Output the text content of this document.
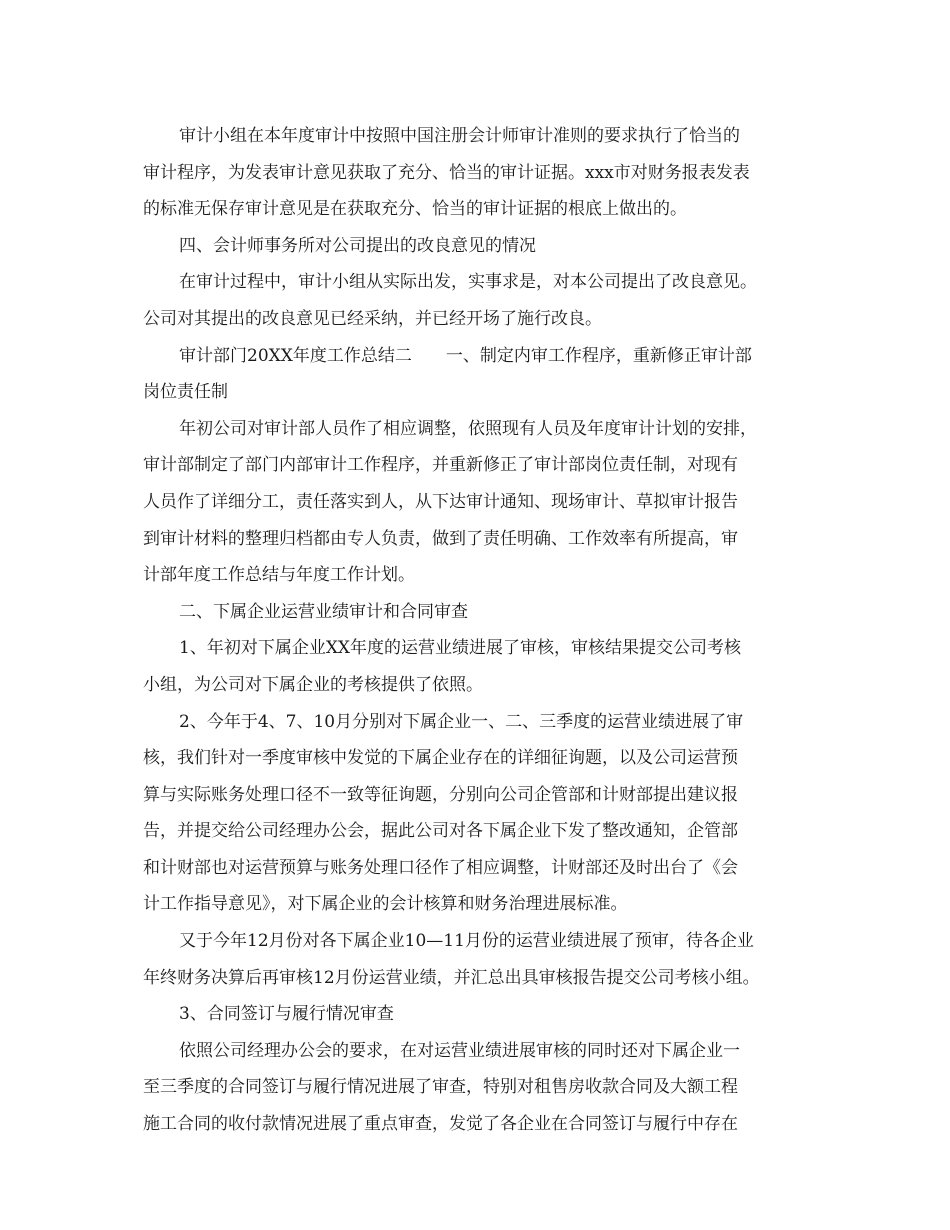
审计小组在本年度审计中按照中国注册会计师审计准则的要求执行了恰当的
审计程序，为发表审计意见获取了充分、恰当的审计证据。xxx市对财务报表发表
的标准无保存审计意见是在获取充分、恰当的审计证据的根底上做出的。
四、会计师事务所对公司提出的改良意见的情况
在审计过程中，审计小组从实际出发，实事求是，对本公司提出了改良意见。
公司对其提出的改良意见已经采纳，并已经开场了施行改良。
审计部门20XX年度工作总结二　　一、制定内审工作程序，重新修正审计部
岗位责任制
年初公司对审计部人员作了相应调整，依照现有人员及年度审计计划的安排，
审计部制定了部门内部审计工作程序，并重新修正了审计部岗位责任制，对现有
人员作了详细分工，责任落实到人，从下达审计通知、现场审计、草拟审计报告
到审计材料的整理归档都由专人负责，做到了责任明确、工作效率有所提高，审
计部年度工作总结与年度工作计划。
二、下属企业运营业绩审计和合同审查
1、年初对下属企业XX年度的运营业绩进展了审核，审核结果提交公司考核
小组，为公司对下属企业的考核提供了依照。
2、今年于4、7、10月分别对下属企业一、二、三季度的运营业绩进展了审
核，我们针对一季度审核中发觉的下属企业存在的详细征询题，以及公司运营预
算与实际账务处理口径不一致等征询题，分别向公司企管部和计财部提出建议报
告，并提交给公司经理办公会，据此公司对各下属企业下发了整改通知，企管部
和计财部也对运营预算与账务处理口径作了相应调整，计财部还及时出台了《会
计工作指导意见》，对下属企业的会计核算和财务治理进展标准。
又于今年12月份对各下属企业10—11月份的运营业绩进展了预审，待各企业
年终财务决算后再审核12月份运营业绩，并汇总出具审核报告提交公司考核小组。
3、合同签订与履行情况审查
依照公司经理办公会的要求，在对运营业绩进展审核的同时还对下属企业一
至三季度的合同签订与履行情况进展了审查，特别对租售房收款合同及大额工程
施工合同的收付款情况进展了重点审查，发觉了各企业在合同签订与履行中存在
